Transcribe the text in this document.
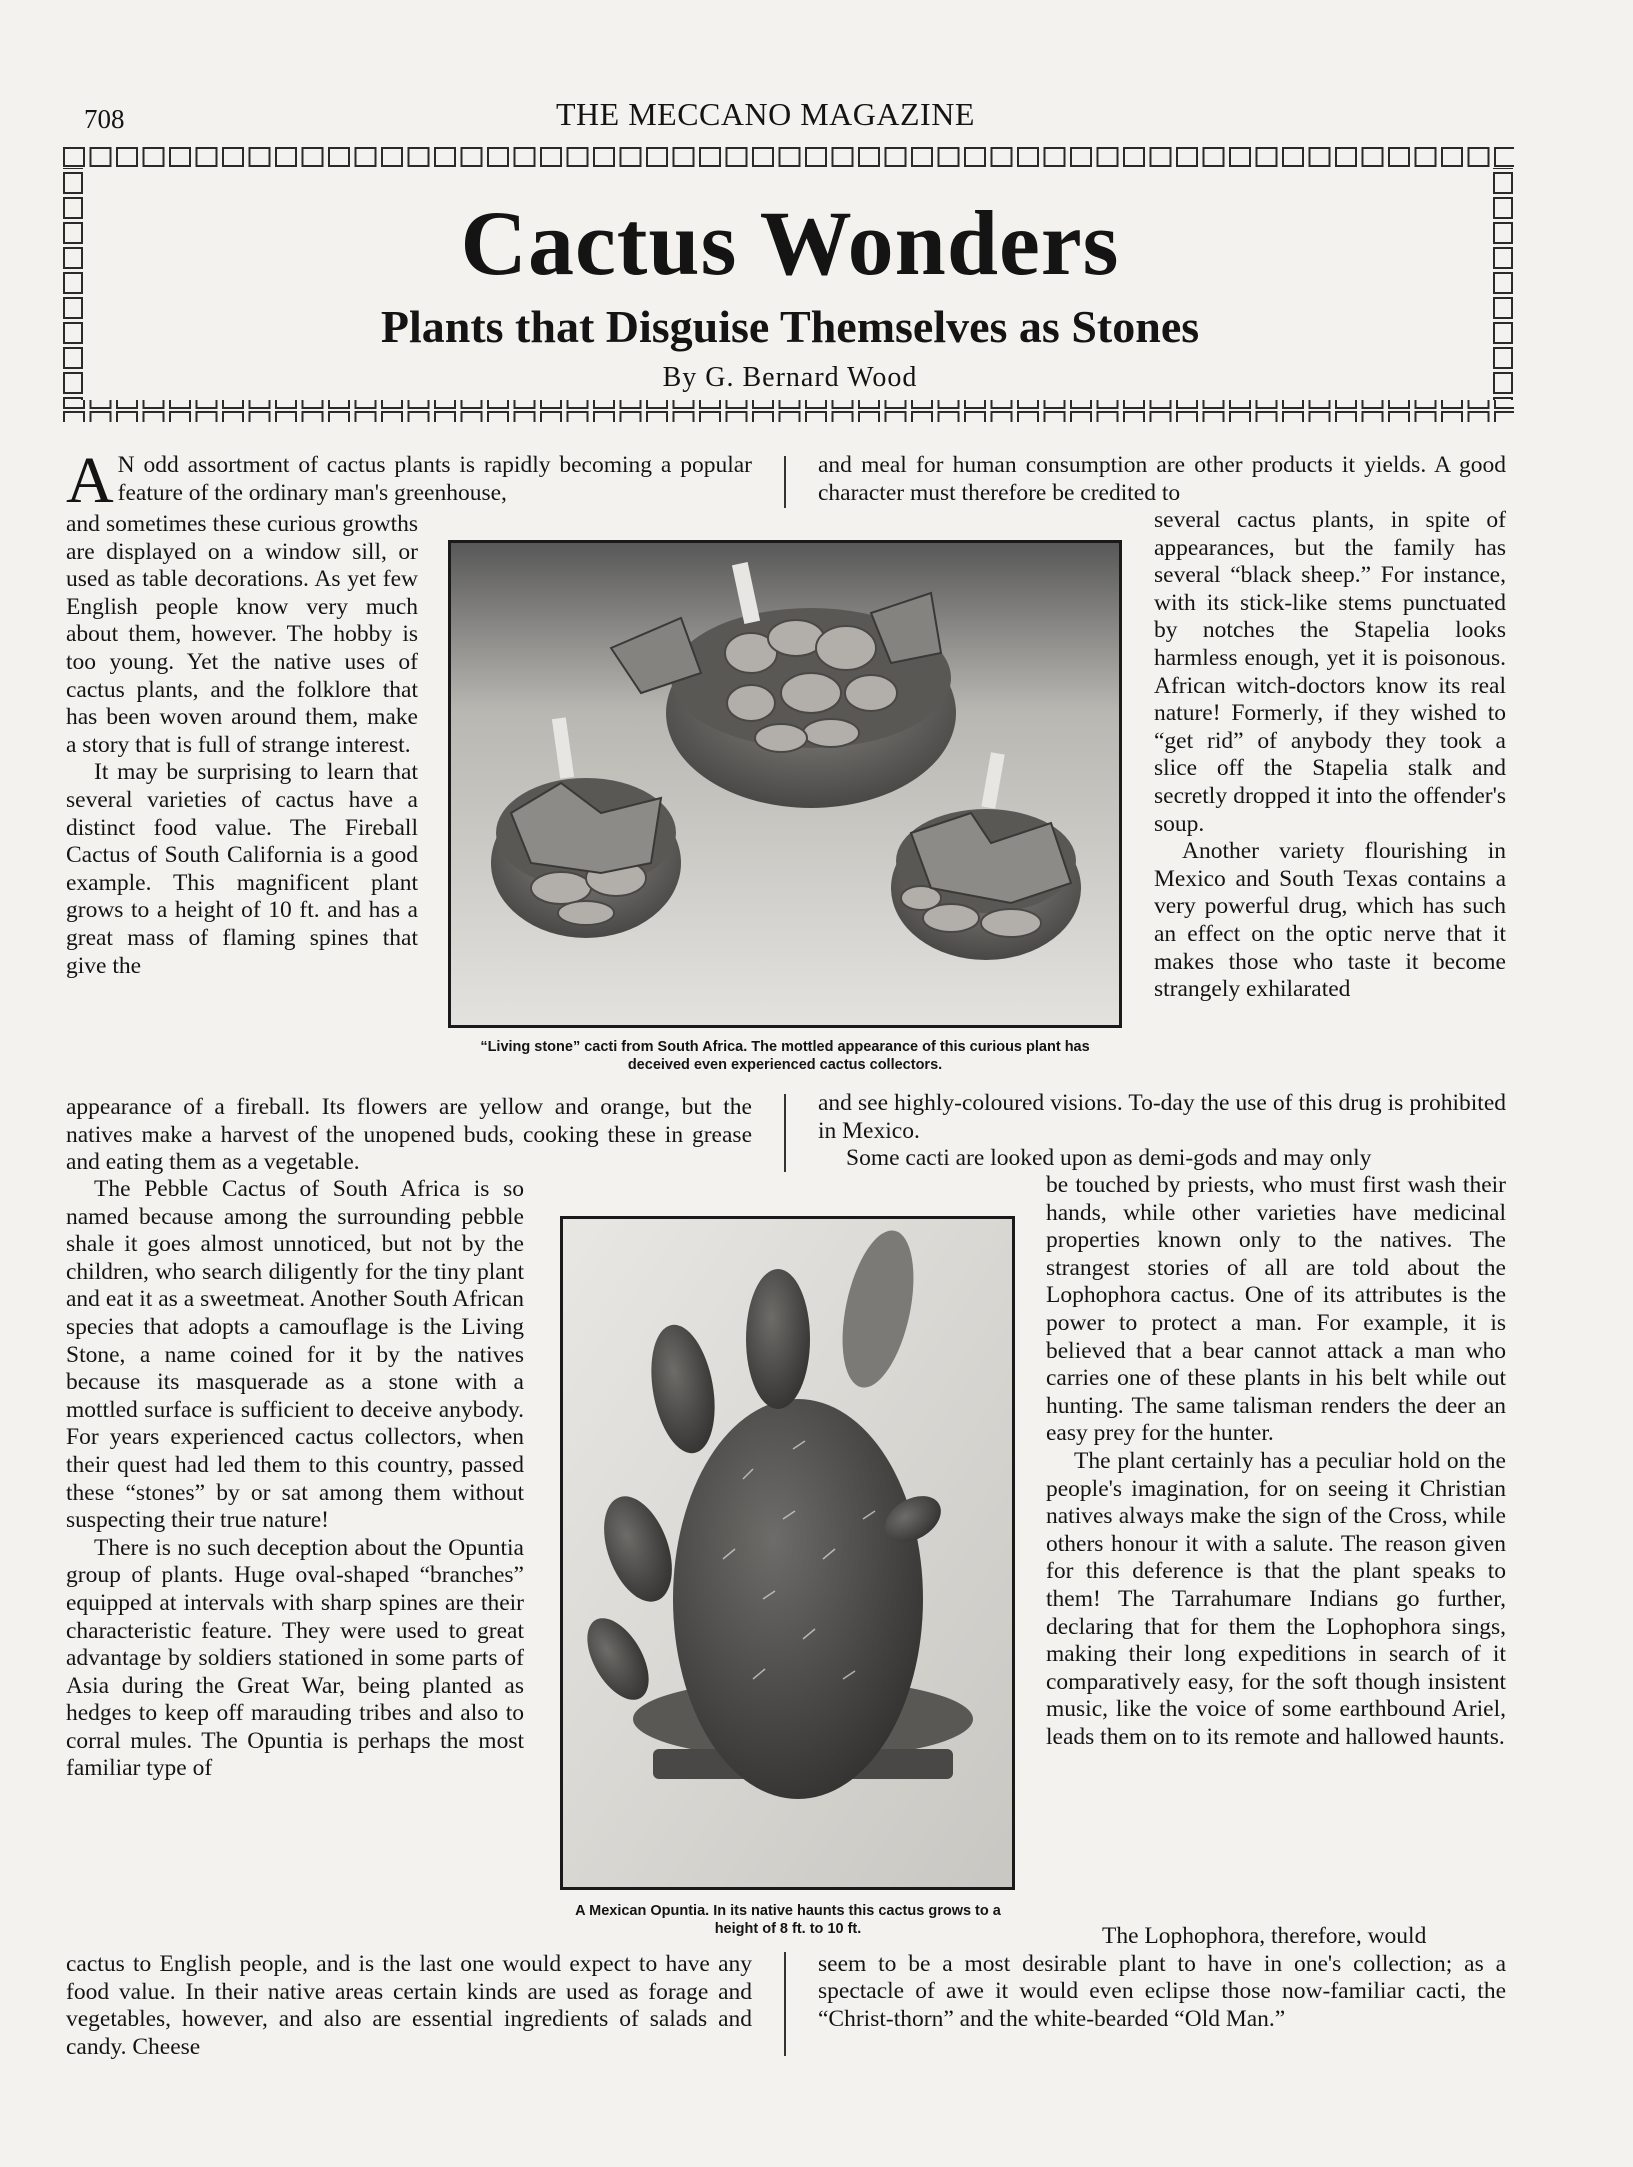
708	THE MECCANO MAGAZINE
Cactus Wonders
Plants that Disguise Themselves as Stones
By G. Bernard Wood

A N odd assortment of cactus plants is rapidly becoming a popular feature of the ordinary man's greenhouse,

and sometimes these curious growths are displayed on a window sill, or used as table decorations. As yet few English people know very much about them, however. The hobby is too young. Yet the native uses of cactus plants, and the folklore that has been woven around them, make a story that is full of strange interest.

It may be surprising to learn that several varieties of cactus have a distinct food value. The Fireball Cactus of South California is a good example. This magnificent plant grows to a height of 10 ft. and has a great mass of flaming spines that give the

appearance of a fireball. Its flowers are yellow and orange, but the natives make a harvest of the unopened buds, cooking these in grease and eating them as a vegetable.

The Pebble Cactus of South Africa is so named because among the surrounding pebble shale it goes almost unnoticed, but not by the children, who search diligently for the tiny plant and eat it as a sweetmeat. Another South African species that adopts a camouflage is the Living Stone, a name coined for it by the natives because its masquerade as a stone with a mottled surface is sufficient to deceive anybody. For years experienced cactus collectors, when their quest had led them to this country, passed these “stones” by or sat among them without suspecting their true nature!

There is no such deception about the Opuntia group of plants. Huge oval-shaped “branches” equipped at intervals with sharp spines are their characteristic feature. They were used to great advantage by soldiers stationed in some parts of Asia during the Great War, being planted as hedges to keep off marauding tribes and also to corral mules. The Opuntia is perhaps the most familiar type of

cactus to English people, and is the last one would expect to have any food value. In their native areas certain kinds are used as forage and vegetables, however, and also are essential ingredients of salads and candy. Cheese

and meal for human consumption are other products it yields. A good character must therefore be credited to

several cactus plants, in spite of appearances, but the family has several “black sheep.” For instance, with its stick-like stems punctuated by notches the Stapelia looks harmless enough, yet it is poisonous. African witch-doctors know its real nature! Formerly, if they wished to “get rid” of anybody they took a slice off the Stapelia stalk and secretly dropped it into the offender's soup.

Another variety flourishing in Mexico and South Texas contains a very powerful drug, which has such an effect on the optic nerve that it makes those who taste it become strangely exhilarated

and see highly-coloured visions. To-day the use of this drug is prohibited in Mexico.

Some cacti are looked upon as demi-gods and may only

be touched by priests, who must first wash their hands, while other varieties have medicinal properties known only to the natives. The strangest stories of all are told about the Lophophora cactus. One of its attributes is the power to protect a man. For example, it is believed that a bear cannot attack a man who carries one of these plants in his belt while out hunting. The same talisman renders the deer an easy prey for the hunter.

The plant certainly has a peculiar hold on the people's imagination, for on seeing it Christian natives always make the sign of the Cross, while others honour it with a salute. The reason given for this deference is that the plant speaks to them! The Tarrahumare Indians go further, declaring that for them the Lophophora sings, making their long expeditions in search of it comparatively easy, for the soft though insistent music, like the voice of some earthbound Ariel, leads them on to its remote and hallowed haunts.

The Lophophora, therefore, would

seem to be a most desirable plant to have in one's collection; as a spectacle of awe it would even eclipse those now-familiar cacti, the “Christ-thorn” and the white-bearded “Old Man.”

“Living stone” cacti from South Africa. The mottled appearance of this curious plant has deceived even experienced cactus collectors.
A Mexican Opuntia. In its native haunts this cactus grows to a height of 8 ft. to 10 ft.
